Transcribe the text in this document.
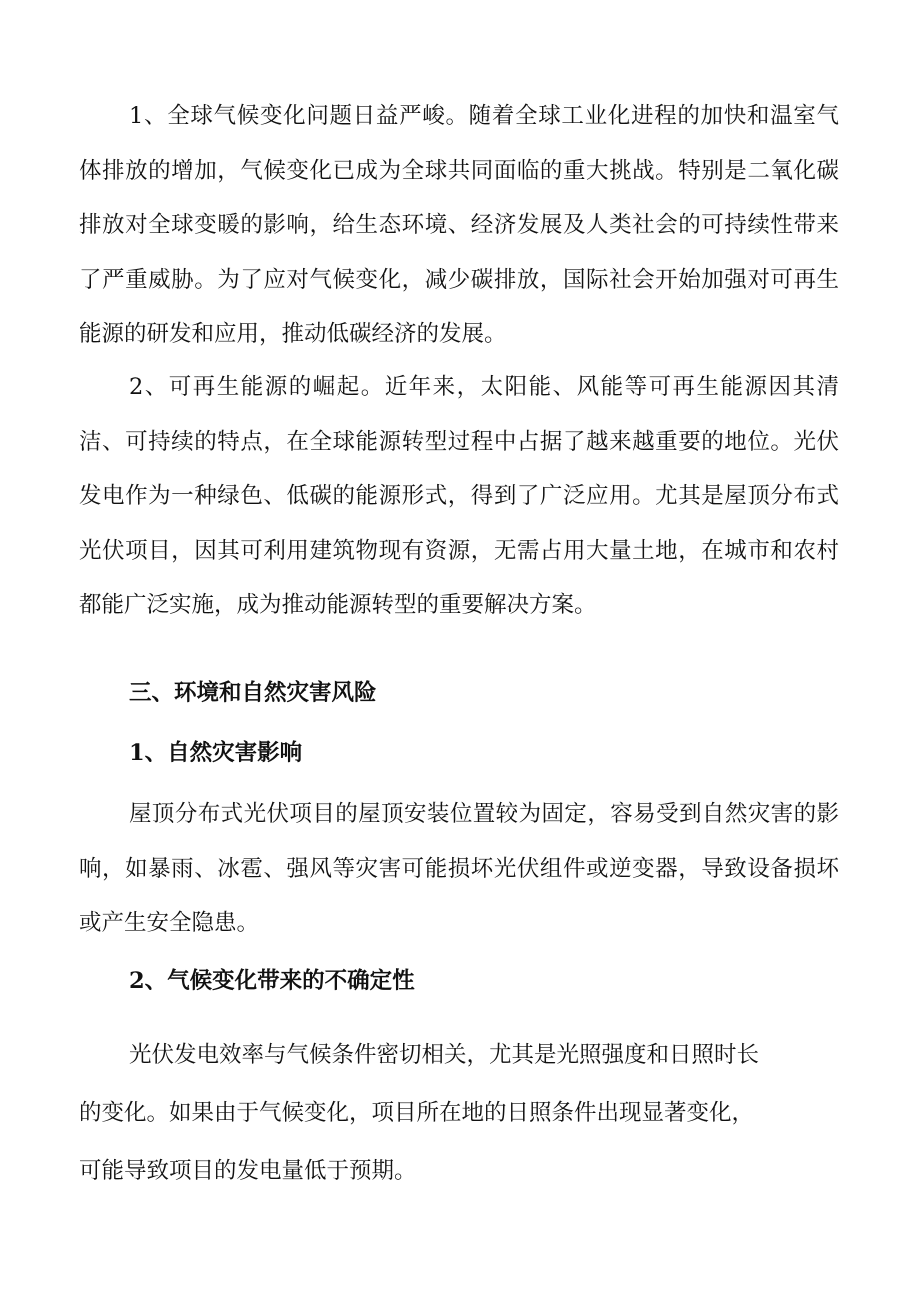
1、全球气候变化问题日益严峻。随着全球工业化进程的加快和温室气体排放的增加，气候变化已成为全球共同面临的重大挑战。特别是二氧化碳排放对全球变暖的影响，给生态环境、经济发展及人类社会的可持续性带来了严重威胁。为了应对气候变化，减少碳排放，国际社会开始加强对可再生能源的研发和应用，推动低碳经济的发展。

2、可再生能源的崛起。近年来，太阳能、风能等可再生能源因其清洁、可持续的特点，在全球能源转型过程中占据了越来越重要的地位。光伏发电作为一种绿色、低碳的能源形式，得到了广泛应用。尤其是屋顶分布式光伏项目，因其可利用建筑物现有资源，无需占用大量土地，在城市和农村都能广泛实施，成为推动能源转型的重要解决方案。

三、环境和自然灾害风险
1、自然灾害影响

屋顶分布式光伏项目的屋顶安装位置较为固定，容易受到自然灾害的影响，如暴雨、冰雹、强风等灾害可能损坏光伏组件或逆变器，导致设备损坏或产生安全隐患。

2、气候变化带来的不确定性

光伏发电效率与气候条件密切相关，尤其是光照强度和日照时长

的变化。如果由于气候变化，项目所在地的日照条件出现显著变化，

可能导致项目的发电量低于预期。
